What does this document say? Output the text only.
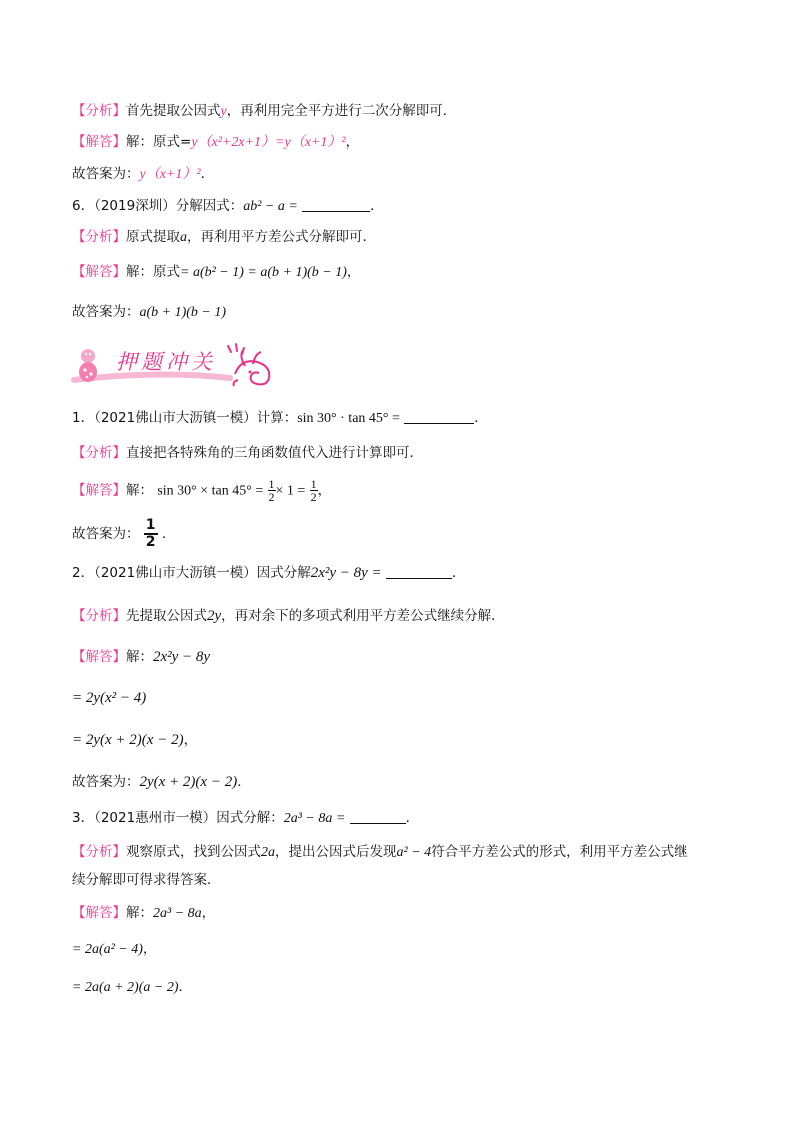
【分析】首先提取公因式y，再利用完全平方进行二次分解即可．
【解答】解：原式=y（x²+2x+1）=y（x+1）²，
故答案为：y（x+1）²．
6．（2019深圳）分解因式：ab² − a =	．
【分析】原式提取a，再利用平方差公式分解即可．
【解答】解：原式= a(b² − 1) = a(b + 1)(b − 1)，
故答案为：a(b + 1)(b − 1)
押题冲关
1．（2021佛山市大沥镇一模）计算：sin 30° · tan 45° =	．
【分析】直接把各特殊角的三角函数值代入进行计算即可．
【解答】解： $\sin 30^\circ \times \tan 45^\circ = \frac{1}{2} \times 1 = \frac{1}{2}$ ，
故答案为： $\frac{1}{2}$ ．
2．（2021佛山市大沥镇一模）因式分解2x²y − 8y =	．
【分析】先提取公因式2y，再对余下的多项式利用平方差公式继续分解．
【解答】解：2x²y − 8y
= 2y(x² − 4)
= 2y(x + 2)(x − 2)，
故答案为：2y(x + 2)(x − 2)．
3．（2021惠州市一模）因式分解：2a³ − 8a =	．
【分析】观察原式，找到公因式2a，提出公因式后发现a² − 4符合平方差公式的形式，利用平方差公式继
续分解即可得求得答案．
【解答】解：2a³ − 8a，
= 2a(a² − 4)，
= 2a(a + 2)(a − 2)．
